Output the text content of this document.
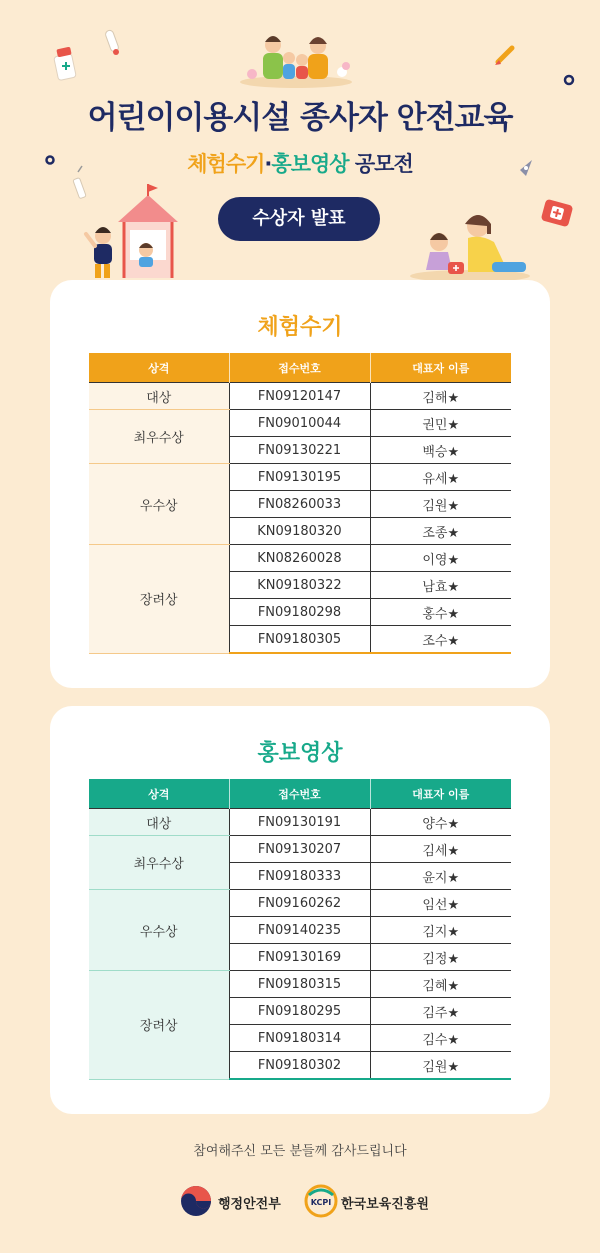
어린이이용시설 종사자 안전교육
체험수기·홍보영상 공모전
수상자 발표
체험수기
상격	접수번호	대표자 이름
대상	FN09120147	김해★
최우수상	FN09010044	권민★
	FN09130221	백승★
우수상	FN09130195	유세★
	FN08260033	김원★
	KN09180320	조종★
장려상	KN08260028	이영★
	KN09180322	남효★
	FN09180298	홍수★
	FN09180305	조수★
홍보영상
상격	접수번호	대표자 이름
대상	FN09130191	양수★
최우수상	FN09130207	김세★
	FN09180333	윤지★
우수상	FN09160262	임선★
	FN09140235	김지★
	FN09130169	김정★
장려상	FN09180315	김혜★
	FN09180295	김주★
	FN09180314	김수★
	FN09180302	김원★
참여해주신 모든 분들께 감사드립니다
행정안전부	KCPI 한국보육진흥원
